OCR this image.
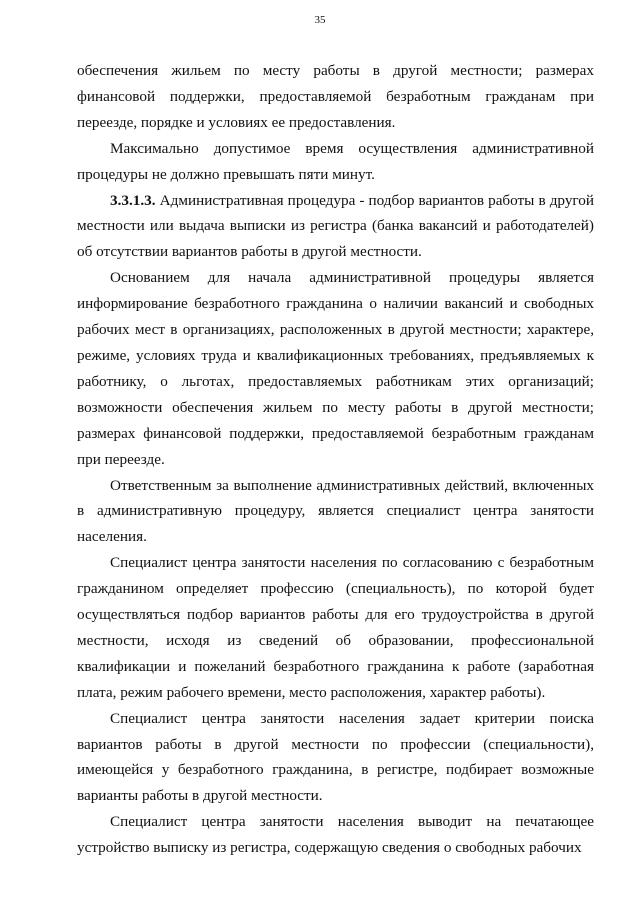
35

обеспечения жильем по месту работы в другой местности; размерах финансовой поддержки, предоставляемой безработным гражданам при переезде, порядке и условиях ее предоставления.

Максимально допустимое время осуществления административной процедуры не должно превышать пяти минут.

3.3.1.3. Административная процедура - подбор вариантов работы в другой местности или выдача выписки из регистра (банка вакансий и работодателей) об отсутствии вариантов работы в другой местности.

Основанием для начала административной процедуры является информирование безработного гражданина о наличии вакансий и свободных рабочих мест в организациях, расположенных в другой местности; характере, режиме, условиях труда и квалификационных требованиях, предъявляемых к работнику, о льготах, предоставляемых работникам этих организаций; возможности обеспечения жильем по месту работы в другой местности; размерах финансовой поддержки, предоставляемой безработным гражданам при переезде.

Ответственным за выполнение административных действий, включенных в административную процедуру, является специалист центра занятости населения.

Специалист центра занятости населения по согласованию с безработным гражданином определяет профессию (специальность), по которой будет осуществляться подбор вариантов работы для его трудоустройства в другой местности, исходя из сведений об образовании, профессиональной квалификации и пожеланий безработного гражданина к работе (заработная плата, режим рабочего времени, место расположения, характер работы).

Специалист центра занятости населения задает критерии поиска вариантов работы в другой местности по профессии (специальности), имеющейся у безработного гражданина, в регистре, подбирает возможные варианты работы в другой местности.

Специалист центра занятости населения выводит на печатающее устройство выписку из регистра, содержащую сведения о свободных рабочих
